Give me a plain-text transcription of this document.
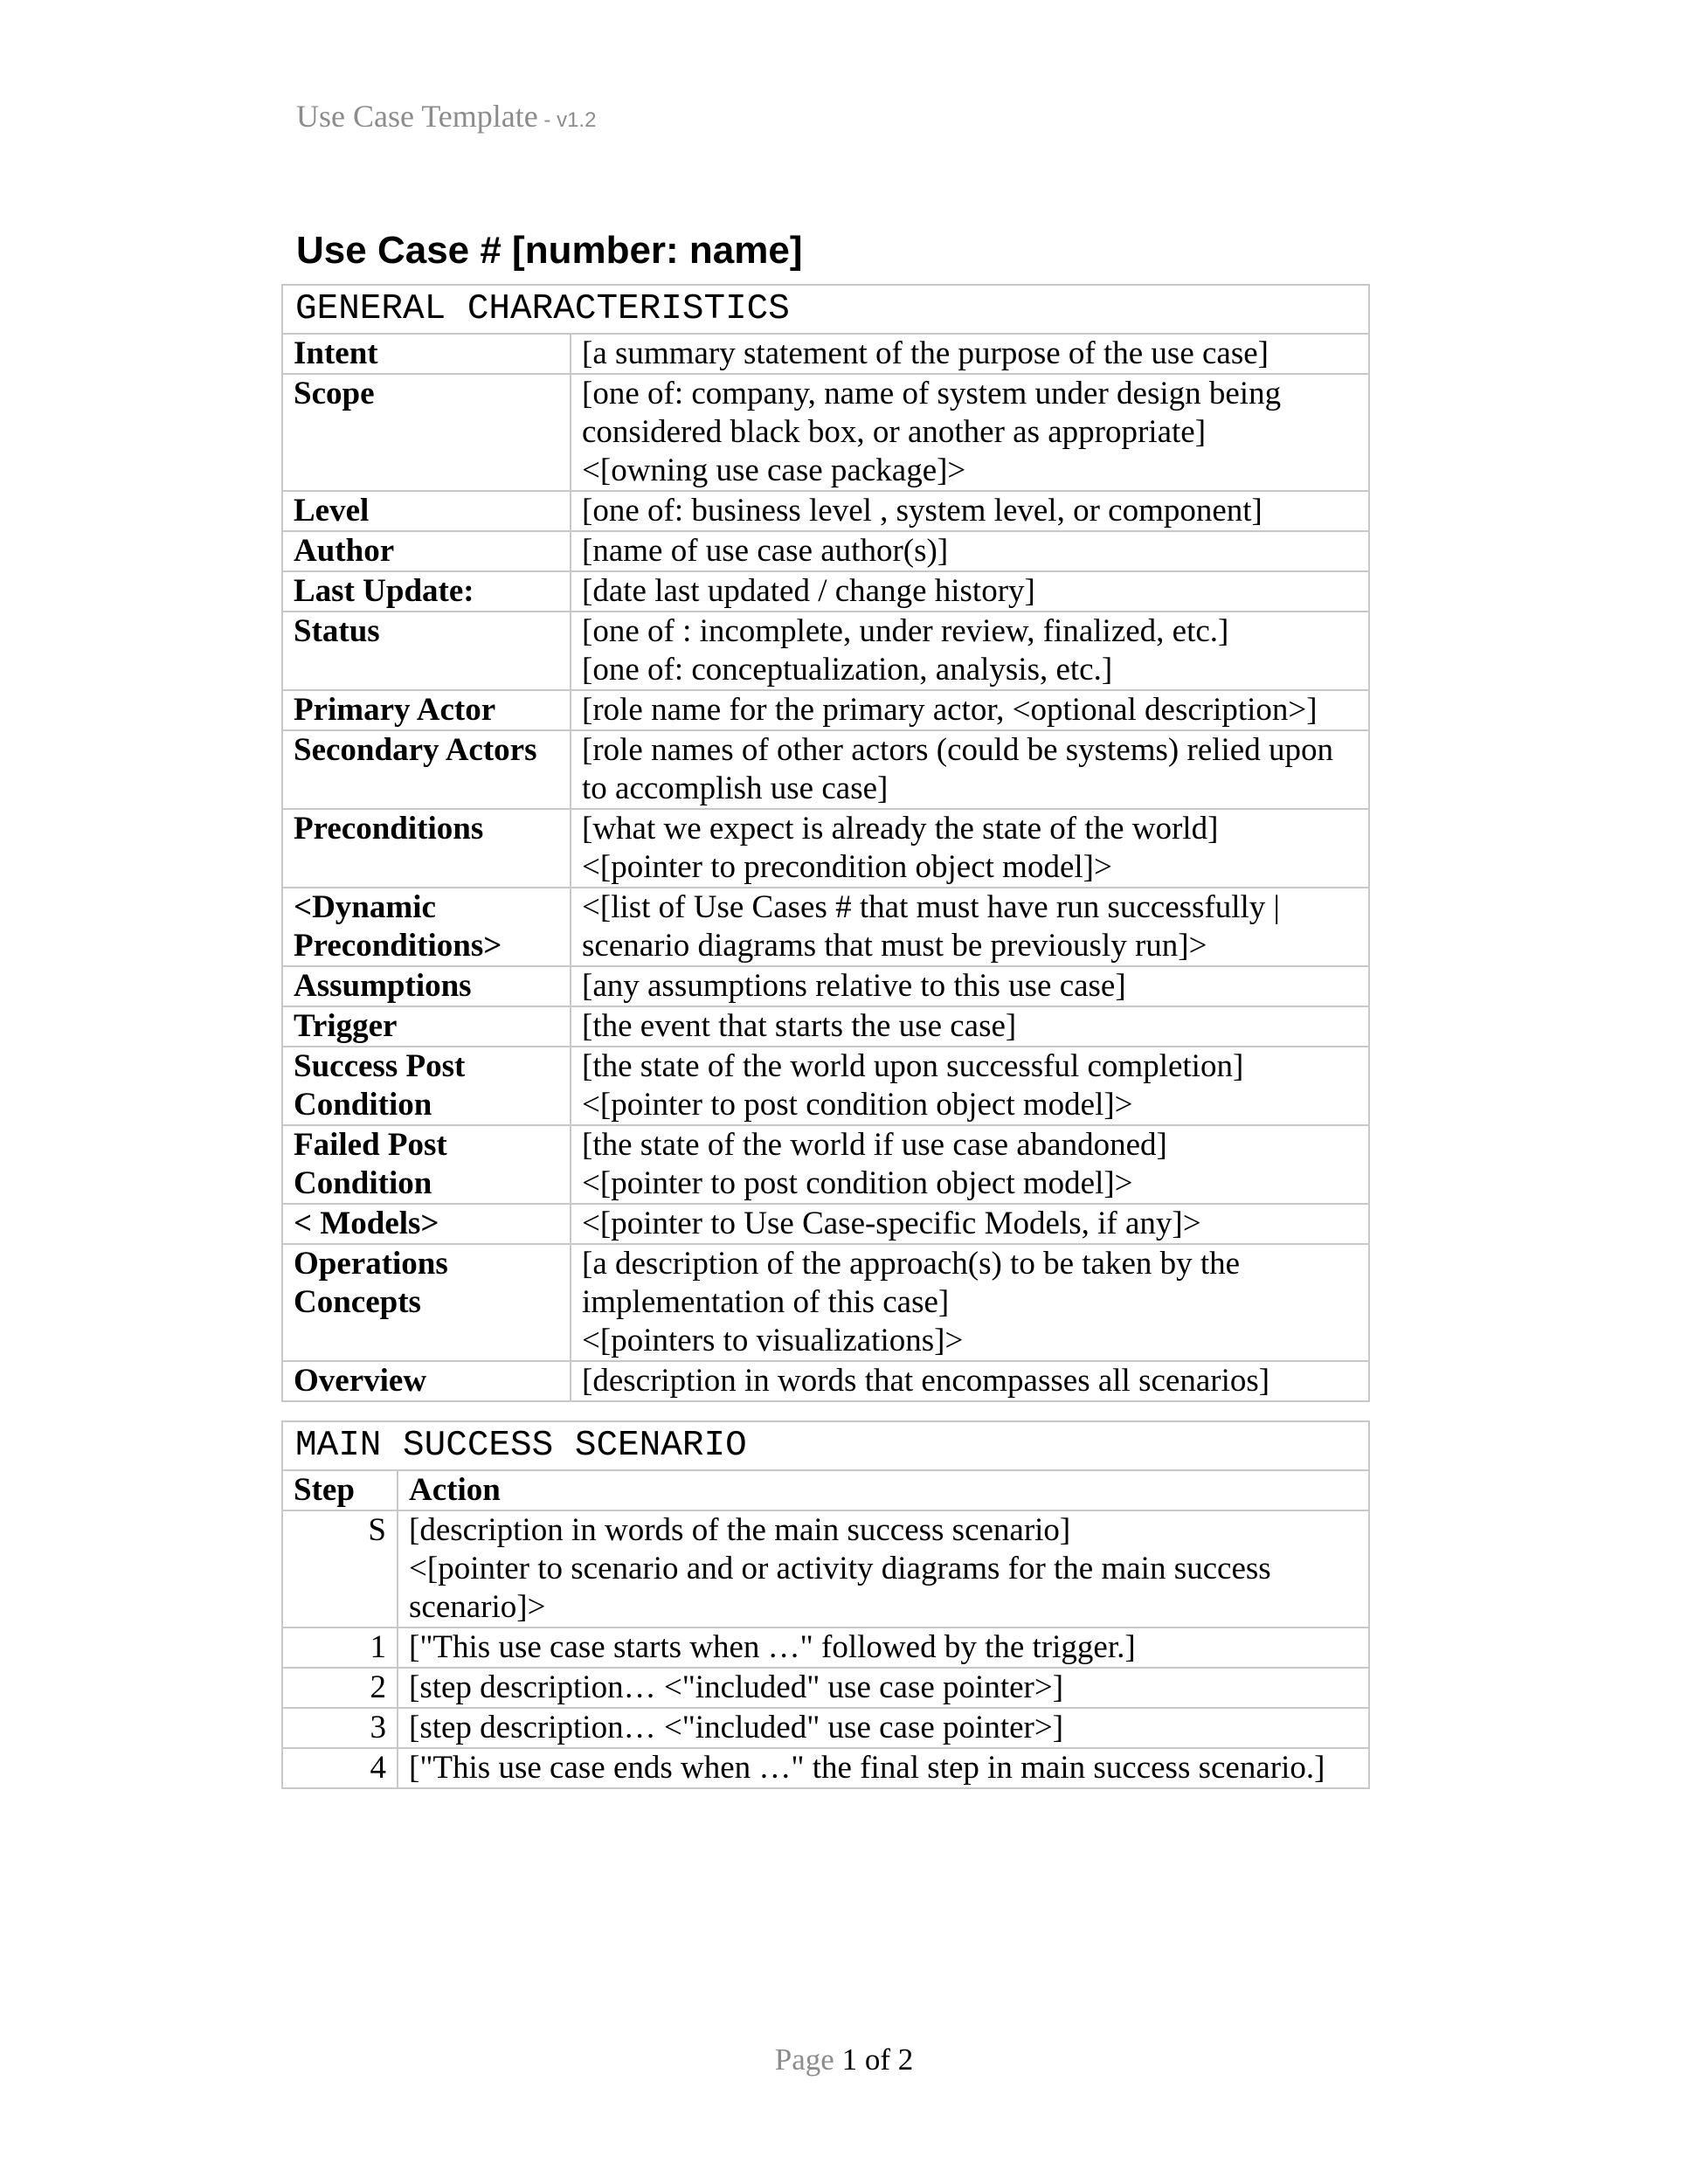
Use Case Template - v1.2
Use Case # [number: name]
GENERAL CHARACTERISTICS	
Intent	[a summary statement of the purpose of the use case]

Scope	[one of: company, name of system under design being
considered black box, or another as appropriate]
<[owning use case package]>

Level	[one of: business level , system level, or component]

Author	[name of use case author(s)]

Last Update:	[date last updated / change history]

Status	[one of : incomplete, under review, finalized, etc.]
[one of: conceptualization, analysis, etc.]

Primary Actor	[role name for the primary actor, <optional description>]

Secondary Actors	[role names of other actors (could be systems) relied upon
to accomplish use case]

Preconditions	[what we expect is already the state of the world]
<[pointer to precondition object model]>

<Dynamic Preconditions>	<[list of Use Cases # that must have run successfully |
scenario diagrams that must be previously run]>

Assumptions	[any assumptions relative to this use case]

Trigger	[the event that starts the use case]

Success Post Condition	[the state of the world upon successful completion]
<[pointer to post condition object model]>

Failed Post Condition	[the state of the world if use case abandoned]
<[pointer to post condition object model]>

< Models>	<[pointer to Use Case-specific Models, if any]>

Operations Concepts	[a description of the approach(s) to be taken by the
implementation of this case]
<[pointers to visualizations]>

Overview	[description in words that encompasses all scenarios]
MAIN SUCCESS SCENARIO	
Step	Action
S	[description in words of the main success scenario]
<[pointer to scenario and or activity diagrams for the main success
scenario]>

1	["This use case starts when …" followed by the trigger.]

2	[step description… <"included" use case pointer>]

3	[step description… <"included" use case pointer>]

4	["This use case ends when …" the final step in main success scenario.]
Page 1 of 2
